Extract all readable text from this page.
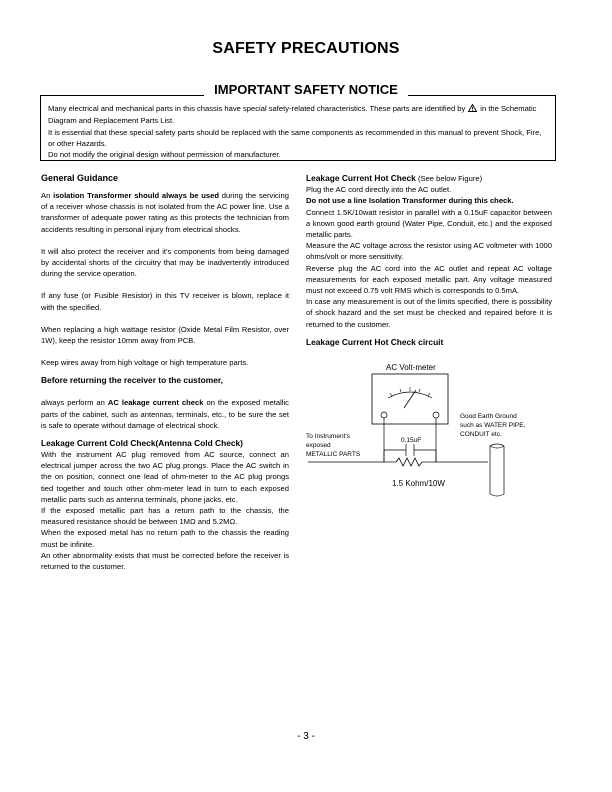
SAFETY PRECAUTIONS
IMPORTANT SAFETY NOTICE

Many electrical and mechanical parts in this chassis have special safety-related characteristics. These parts are identified by in the Schematic Diagram and Replacement Parts List.

It is essential that these special safety parts should be replaced with the same components as recommended in this manual to prevent Shock, Fire, or other Hazards.

Do not modify the original design without permission of manufacturer.

General Guidance

An isolation Transformer should always be used during the servicing of a receiver whose chassis is not isolated from the AC power line. Use a transformer of adequate power rating as this protects the technician from accidents resulting in personal injury from electrical shocks.

It will also protect the receiver and it's components from being damaged by accidental shorts of the circuitry that may be inadvertently introduced during the service operation.

If any fuse (or Fusible Resistor) in this TV receiver is blown, replace it with the specified.

When replacing a high wattage resistor (Oxide Metal Film Resistor, over 1W), keep the resistor 10mm away from PCB.

Keep wires away from high voltage or high temperature parts.

Before returning the receiver to the customer,

always perform an AC leakage current check on the exposed metallic parts of the cabinet, such as antennas, terminals, etc., to be sure the set is safe to operate without damage of electrical shock.

Leakage Current Cold Check(Antenna Cold Check)

With the instrument AC plug removed from AC source, connect an electrical jumper across the two AC plug prongs. Place the AC switch in the on position, connect one lead of ohm-meter to the AC plug prongs tied together and touch other ohm-meter lead in turn to each exposed metallic parts such as antenna terminals, phone jacks, etc.

If the exposed metallic part has a return path to the chassis, the measured resistance should be between 1MΩ and 5.2MΩ.

When the exposed metal has no return path to the chassis the reading must be infinite.

An other abnormality exists that must be corrected before the receiver is returned to the customer.

Leakage Current Hot Check (See below Figure)

Plug the AC cord directly into the AC outlet.

Do not use a line Isolation Transformer during this check.

Connect 1.5K/10watt resistor in parallel with a 0.15uF capacitor between a known good earth ground (Water Pipe, Conduit, etc.) and the exposed metallic parts.

Measure the AC voltage across the resistor using AC voltmeter with 1000 ohms/volt or more sensitivity.

Reverse plug the AC cord into the AC outlet and repeat AC voltage measurements for each exposed metallic part. Any voltage measured must not exceed 0.75 volt RMS which is corresponds to 0.5mA.

In case any measurement is out of the limits specified, there is possibility of shock hazard and the set must be checked and repaired before it is returned to the customer.

Leakage Current Hot Check circuit
AC Volt-meter
0.15uF
1.5 Kohm/10W
To Instrument's exposed METALLIC PARTS
Good Earth Ground such as WATER PIPE, CONDUIT etc.
- 3 -
